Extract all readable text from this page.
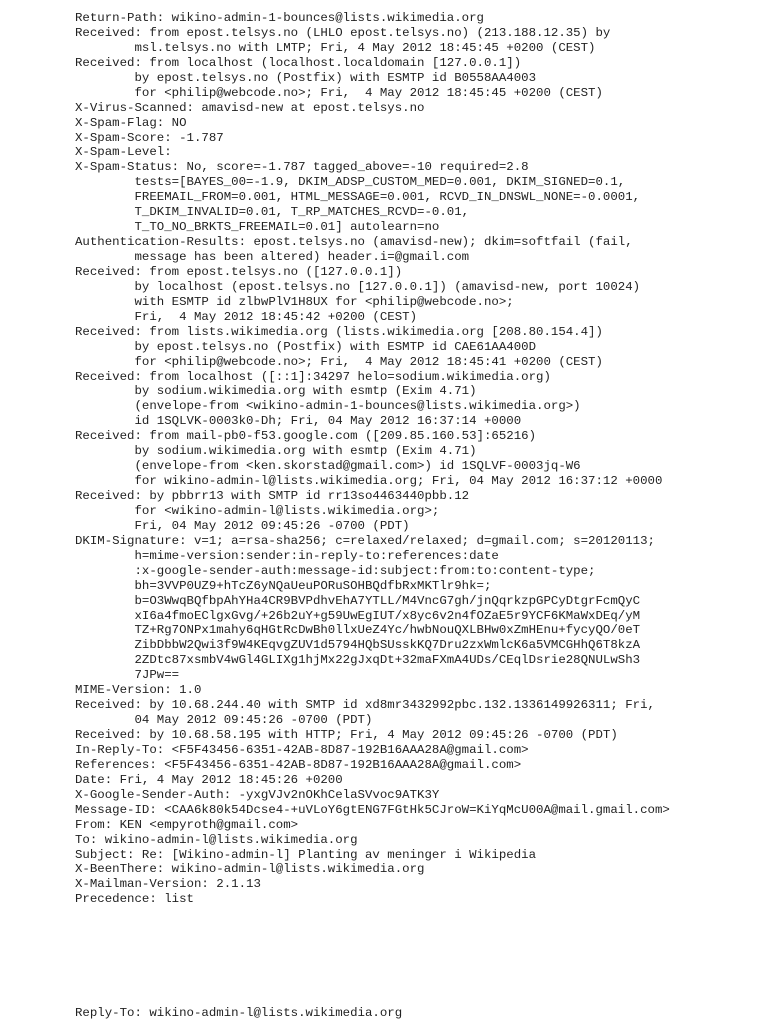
Return-Path: wikino-admin-1-bounces@lists.wikimedia.org
Received: from epost.telsys.no (LHLO epost.telsys.no) (213.188.12.35) by
msl.telsys.no with LMTP; Fri, 4 May 2012 18:45:45 +0200 (CEST)
Received: from localhost (localhost.localdomain [127.0.0.1])
by epost.telsys.no (Postfix) with ESMTP id B0558AA4003
for <philip@webcode.no>; Fri,  4 May 2012 18:45:45 +0200 (CEST)
X-Virus-Scanned: amavisd-new at epost.telsys.no
X-Spam-Flag: NO
X-Spam-Score: -1.787
X-Spam-Level:
X-Spam-Status: No, score=-1.787 tagged_above=-10 required=2.8
tests=[BAYES_00=-1.9, DKIM_ADSP_CUSTOM_MED=0.001, DKIM_SIGNED=0.1,
FREEMAIL_FROM=0.001, HTML_MESSAGE=0.001, RCVD_IN_DNSWL_NONE=-0.0001,
T_DKIM_INVALID=0.01, T_RP_MATCHES_RCVD=-0.01,
T_TO_NO_BRKTS_FREEMAIL=0.01] autolearn=no
Authentication-Results: epost.telsys.no (amavisd-new); dkim=softfail (fail,
message has been altered) header.i=@gmail.com
Received: from epost.telsys.no ([127.0.0.1])
by localhost (epost.telsys.no [127.0.0.1]) (amavisd-new, port 10024)
with ESMTP id zlbwPlV1H8UX for <philip@webcode.no>;
Fri,  4 May 2012 18:45:42 +0200 (CEST)
Received: from lists.wikimedia.org (lists.wikimedia.org [208.80.154.4])
by epost.telsys.no (Postfix) with ESMTP id CAE61AA400D
for <philip@webcode.no>; Fri,  4 May 2012 18:45:41 +0200 (CEST)
Received: from localhost ([::1]:34297 helo=sodium.wikimedia.org)
by sodium.wikimedia.org with esmtp (Exim 4.71)
(envelope-from <wikino-admin-1-bounces@lists.wikimedia.org>)
id 1SQLVK-0003k0-Dh; Fri, 04 May 2012 16:37:14 +0000
Received: from mail-pb0-f53.google.com ([209.85.160.53]:65216)
by sodium.wikimedia.org with esmtp (Exim 4.71)
(envelope-from <ken.skorstad@gmail.com>) id 1SQLVF-0003jq-W6
for wikino-admin-l@lists.wikimedia.org; Fri, 04 May 2012 16:37:12 +0000
Received: by pbbrr13 with SMTP id rr13so4463440pbb.12
for <wikino-admin-l@lists.wikimedia.org>;
Fri, 04 May 2012 09:45:26 -0700 (PDT)
DKIM-Signature: v=1; a=rsa-sha256; c=relaxed/relaxed; d=gmail.com; s=20120113;
h=mime-version:sender:in-reply-to:references:date
:x-google-sender-auth:message-id:subject:from:to:content-type;
bh=3VVP0UZ9+hTcZ6yNQaUeuPORuSOHBQdfbRxMKTlr9hk=;
b=O3WwqBQfbpAhYHa4CR9BVPdhvEhA7YTLL/M4VncG7gh/jnQqrkzpGPCyDtgrFcmQyC
xI6a4fmoEClgxGvg/+26b2uY+g59UwEgIUT/x8yc6v2n4fOZaE5r9YCF6KMaWxDEq/yM
TZ+Rg7ONPx1mahy6qHGtRcDwBh0llxUeZ4Yc/hwbNouQXLBHw0xZmHEnu+fycyQO/0eT
ZibDbbW2Qwi3f9W4KEqvgZUV1d5794HQbSUsskKQ7Dru2zxWmlcK6a5VMCGHhQ6T8kzA
2ZDtc87xsmbV4wGl4GLIXg1hjMx22gJxqDt+32maFXmA4UDs/CEqlDsrie28QNULwSh3
7JPw==
MIME-Version: 1.0
Received: by 10.68.244.40 with SMTP id xd8mr3432992pbc.132.1336149926311; Fri,
04 May 2012 09:45:26 -0700 (PDT)
Received: by 10.68.58.195 with HTTP; Fri, 4 May 2012 09:45:26 -0700 (PDT)
In-Reply-To: <F5F43456-6351-42AB-8D87-192B16AAA28A@gmail.com>
References: <F5F43456-6351-42AB-8D87-192B16AAA28A@gmail.com>
Date: Fri, 4 May 2012 18:45:26 +0200
X-Google-Sender-Auth: -yxgVJv2nOKhCelaSVvoc9ATK3Y
Message-ID: <CAA6k80k54Dcse4-+uVLoY6gtENG7FGtHk5CJroW=KiYqMcU00A@mail.gmail.com>
From: KEN <empyroth@gmail.com>
To: wikino-admin-l@lists.wikimedia.org
Subject: Re: [Wikino-admin-l] Planting av meninger i Wikipedia
X-BeenThere: wikino-admin-l@lists.wikimedia.org
X-Mailman-Version: 2.1.13
Precedence: list
Reply-To: wikino-admin-l@lists.wikimedia.org
